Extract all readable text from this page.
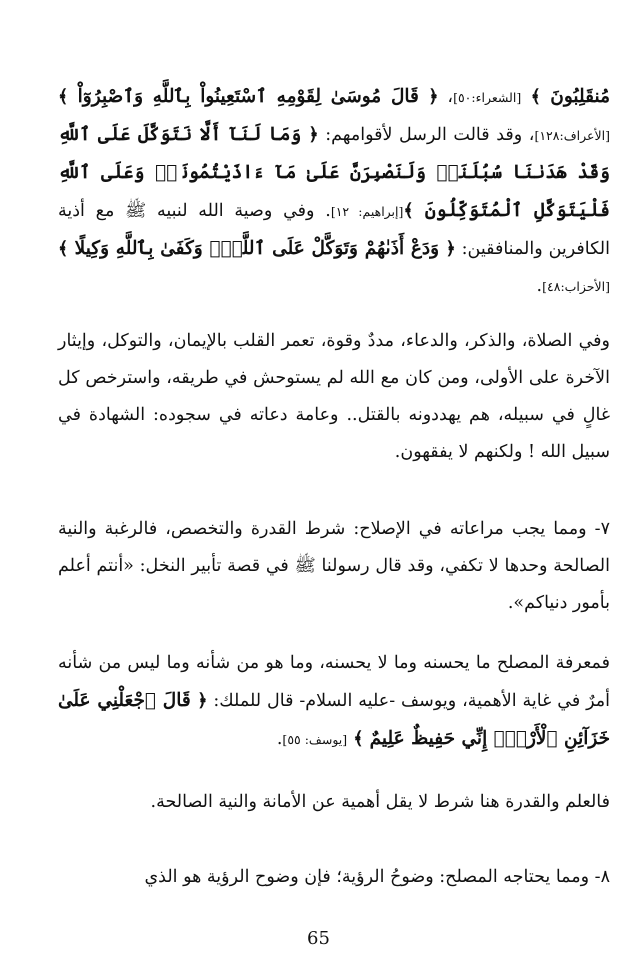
مُنقَلِبُونَ ﴾ [الشعراء:٥٠]، ﴿ قَالَ مُوسَىٰ لِقَوْمِهِ ٱسْتَعِينُواْ بِٱللَّهِ وَٱصْبِرُوٓاْ ﴾ [الأعراف:١٢٨]، وقد قالت الرسل لأقوامهم: ﴿ وَمَا لَنَآ أَلَّا نَتَوَكَّلَ عَلَى ٱللَّهِ وَقَدْ هَدَىٰنَا سُبُلَنَاۚ وَلَنَصْبِرَنَّ عَلَىٰ مَآ ءَاذَيْتُمُونَاۚ وَعَلَى ٱللَّهِ فَلْيَتَوَكَّلِ ٱلْمُتَوَكِّلُونَ ﴾[إبراهيم: ١٢]. وفي وصية الله لنبيه ﷺ مع أذية الكافرين والمنافقين: ﴿ وَدَعْ أَذَىٰهُمْ وَتَوَكَّلْ عَلَى ٱللَّهِۚ وَكَفَىٰ بِٱللَّهِ وَكِيلًا ﴾ [الأحزاب:٤٨].

وفي الصلاة، والذكر، والدعاء، مددٌ وقوة، تعمر القلب بالإيمان، والتوكل، وإيثار الآخرة على الأولى، ومن كان مع الله لم يستوحش في طريقه، واسترخص كل غالٍ في سبيله، هم يهددونه بالقتل.. وعامة دعاته في سجوده: الشهادة في سبيل الله ! ولكنهم لا يفقهون.

٧- ومما يجب مراعاته في الإصلاح: شرط القدرة والتخصص، فالرغبة والنية الصالحة وحدها لا تكفي، وقد قال رسولنا ﷺ في قصة تأبير النخل: «أنتم أعلم بأمور دنياكم».

فمعرفة المصلح ما يحسنه وما لا يحسنه، وما هو من شأنه وما ليس من شأنه أمرٌ في غاية الأهمية، ويوسف -عليه السلام- قال للملك: ﴿ قَالَ ٱجْعَلْنِي عَلَىٰ خَزَآئِنِ ٱلْأَرْضِۖ إِنِّي حَفِيظٌ عَلِيمٌ ﴾ [يوسف: ٥٥].

فالعلم والقدرة هنا شرط لا يقل أهمية عن الأمانة والنية الصالحة.

٨- ومما يحتاجه المصلح: وضوحُ الرؤية؛ فإن وضوح الرؤية هو الذي

65
